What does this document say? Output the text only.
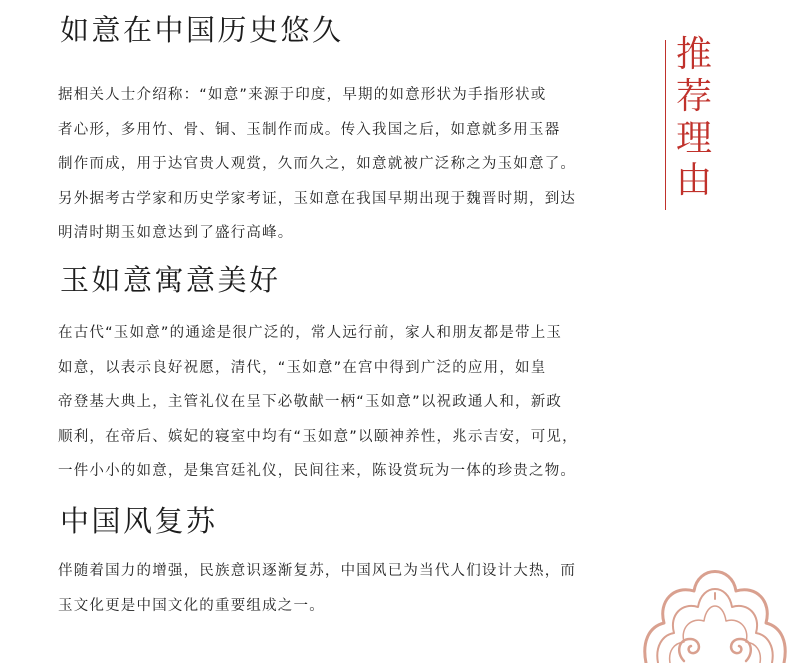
如意在中国历史悠久
据相关人士介绍称：“如意”来源于印度，早期的如意形状为手指形状或
者心形，多用竹、骨、铜、玉制作而成。传入我国之后，如意就多用玉器
制作而成，用于达官贵人观赏，久而久之，如意就被广泛称之为玉如意了。
另外据考古学家和历史学家考证，玉如意在我国早期出现于魏晋时期，到达
明清时期玉如意达到了盛行高峰。
玉如意寓意美好
在古代“玉如意”的通途是很广泛的，常人远行前，家人和朋友都是带上玉
如意，以表示良好祝愿，清代，“玉如意”在宫中得到广泛的应用，如皇
帝登基大典上，主管礼仪在呈下必敬献一柄“玉如意”以祝政通人和，新政
顺利，在帝后、嫔妃的寝室中均有“玉如意”以颐神养性，兆示吉安，可见，
一件小小的如意，是集宫廷礼仪，民间往来，陈设赏玩为一体的珍贵之物。
中国风复苏
伴随着国力的增强，民族意识逐渐复苏，中国风已为当代人们设计大热，而
玉文化更是中国文化的重要组成之一。
推
荐
理
由
